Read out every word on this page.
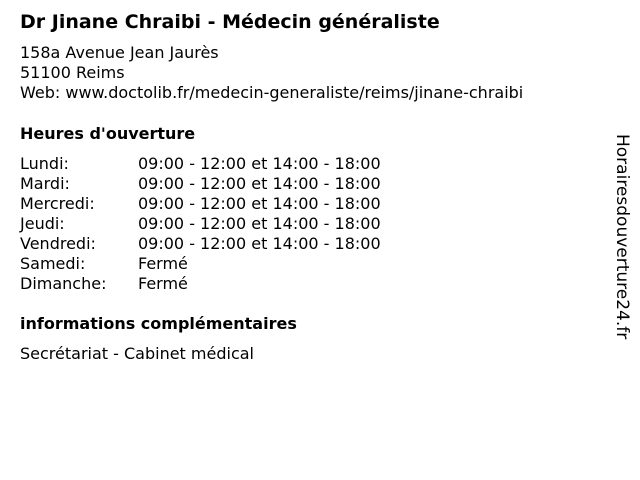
Dr Jinane Chraibi - Médecin généraliste
158a Avenue Jean Jaurès
51100 Reims
Web: www.doctolib.fr/medecin-generaliste/reims/jinane-chraibi
Heures d'ouverture
Lundi:	09:00 - 12:00 et 14:00 - 18:00
Mardi:	09:00 - 12:00 et 14:00 - 18:00
Mercredi:	09:00 - 12:00 et 14:00 - 18:00
Jeudi:	09:00 - 12:00 et 14:00 - 18:00
Vendredi:	09:00 - 12:00 et 14:00 - 18:00
Samedi:	Fermé
Dimanche:	Fermé
informations complémentaires
Secrétariat - Cabinet médical
Horairesdouverture24.fr
